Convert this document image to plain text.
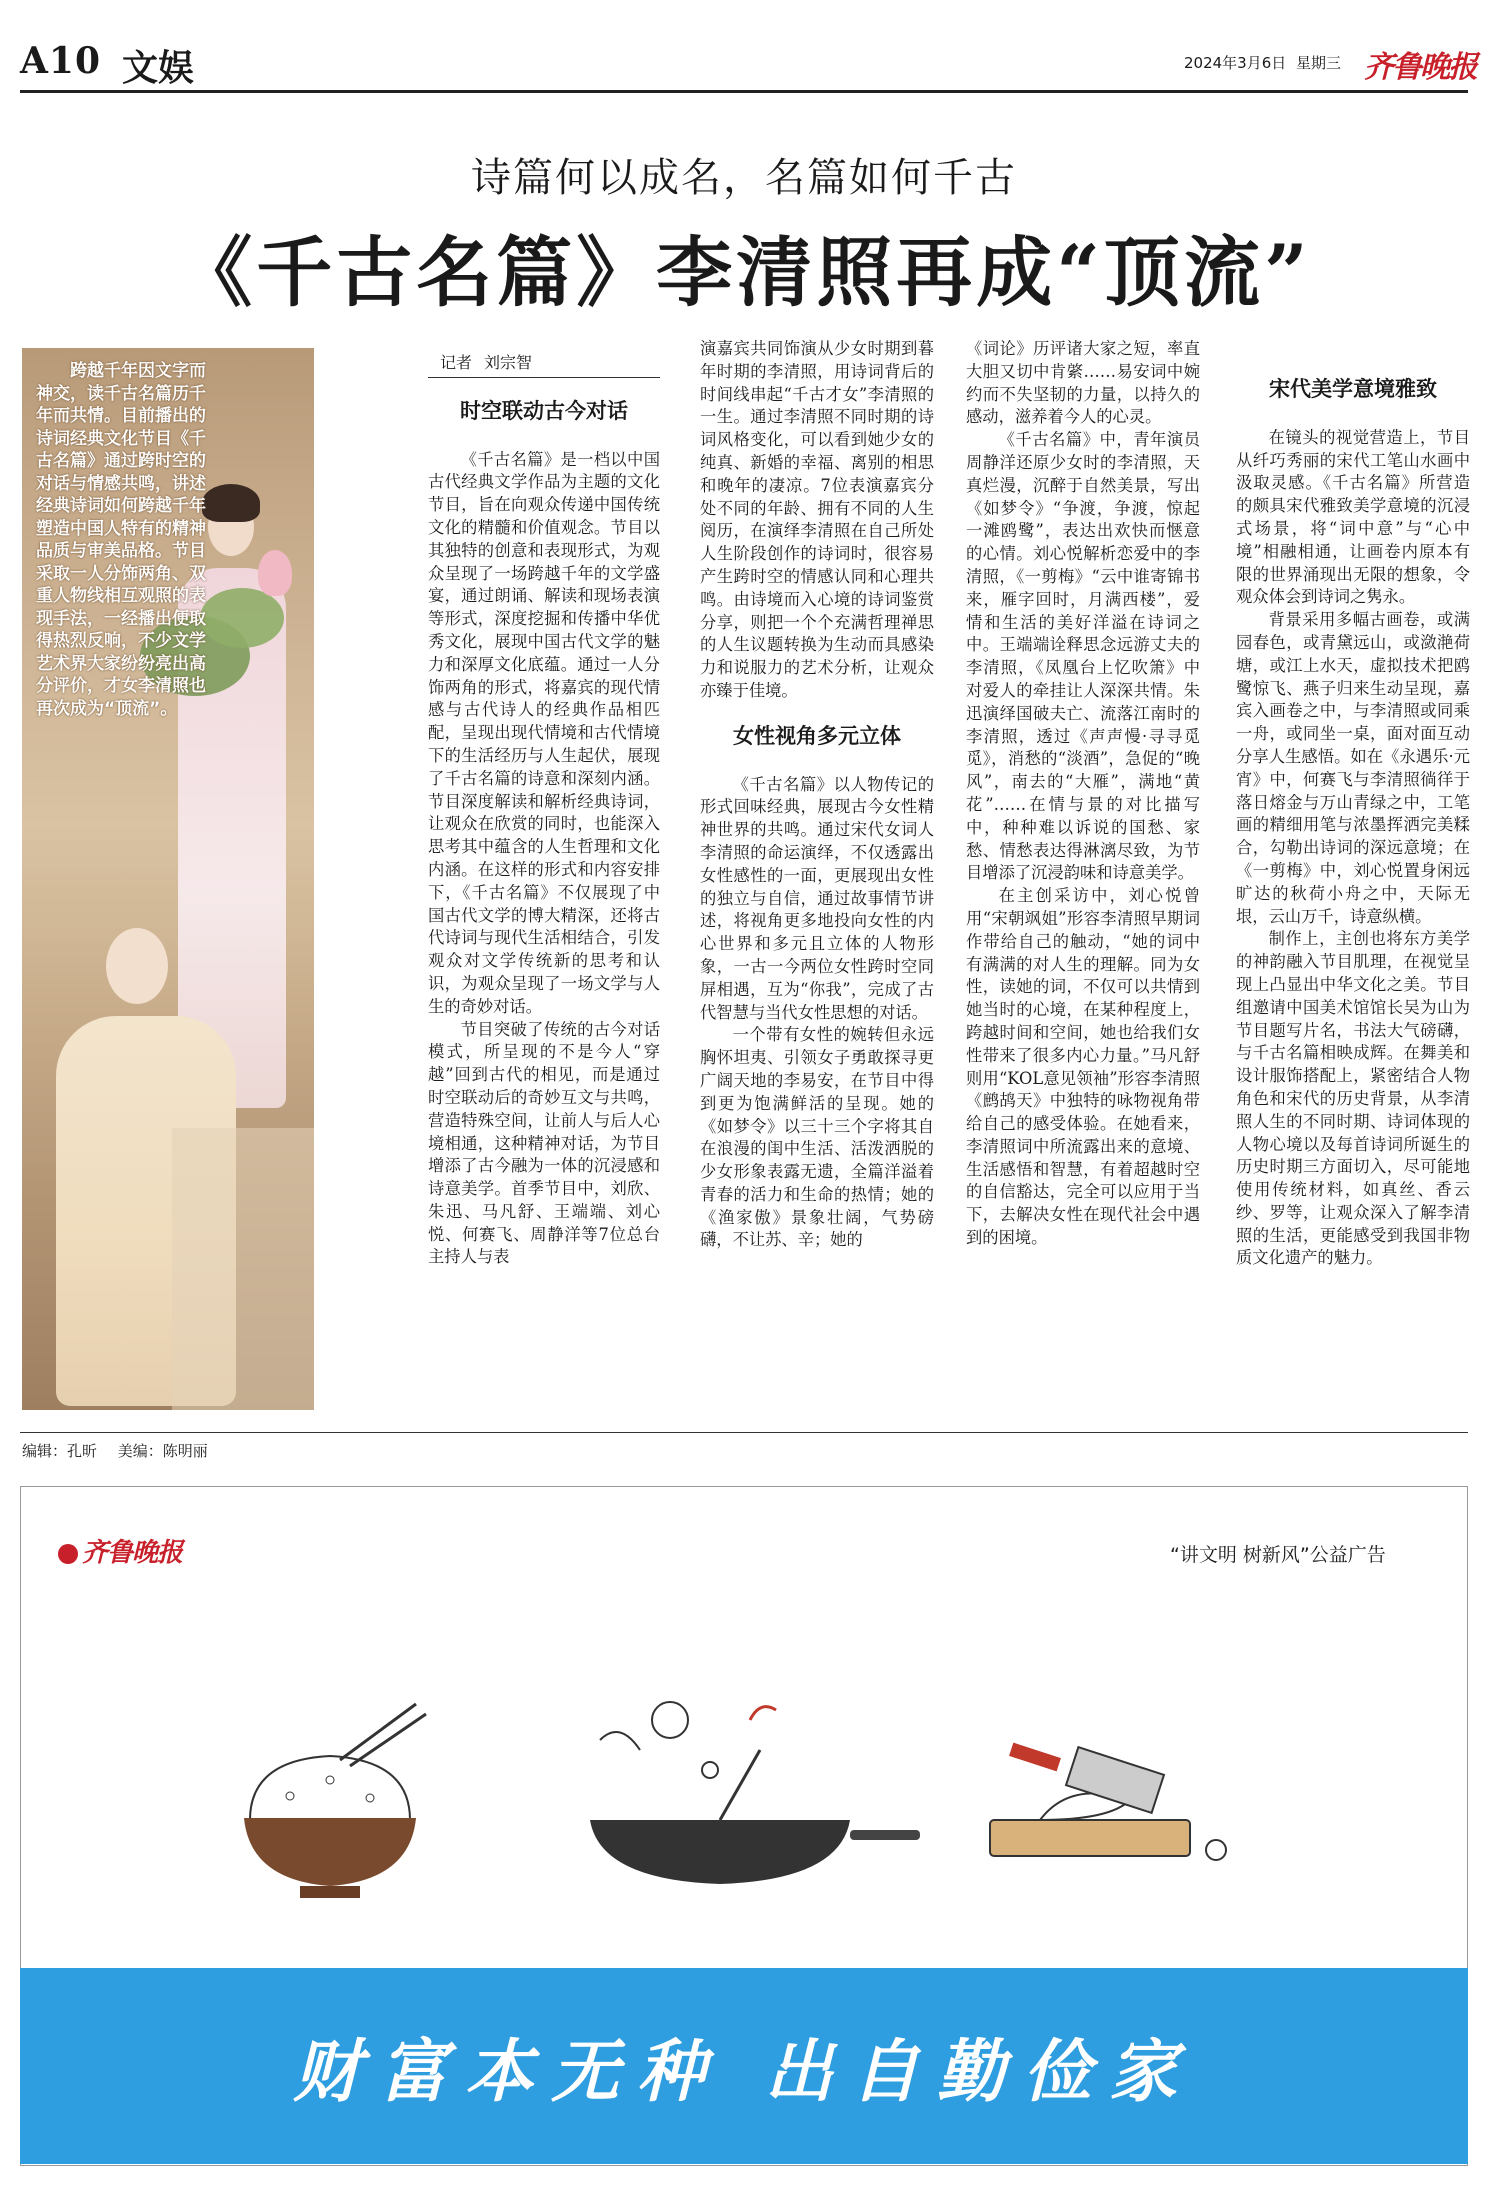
A10 文娱	2024年3月6日 星期三 齐鲁晚报
诗篇何以成名，名篇如何千古
《千古名篇》李清照再成“顶流”

跨越千年因文字而神交，读千古名篇历千年而共情。目前播出的诗词经典文化节目《千古名篇》通过跨时空的对话与情感共鸣，讲述经典诗词如何跨越千年塑造中国人特有的精神品质与审美品格。节目采取一人分饰两角、双重人物线相互观照的表现手法，一经播出便取得热烈反响，不少文学艺术界大家纷纷亮出高分评价，才女李清照也再次成为“顶流”。

记者 刘宗智

时空联动古今对话

《千古名篇》是一档以中国古代经典文学作品为主题的文化节目，旨在向观众传递中国传统文化的精髓和价值观念。节目以其独特的创意和表现形式，为观众呈现了一场跨越千年的文学盛宴，通过朗诵、解读和现场表演等形式，深度挖掘和传播中华优秀文化，展现中国古代文学的魅力和深厚文化底蕴。通过一人分饰两角的形式，将嘉宾的现代情感与古代诗人的经典作品相匹配，呈现出现代情境和古代情境下的生活经历与人生起伏，展现了千古名篇的诗意和深刻内涵。节目深度解读和解析经典诗词，让观众在欣赏的同时，也能深入思考其中蕴含的人生哲理和文化内涵。在这样的形式和内容安排下，《千古名篇》不仅展现了中国古代文学的博大精深，还将古代诗词与现代生活相结合，引发观众对文学传统新的思考和认识，为观众呈现了一场文学与人生的奇妙对话。

节目突破了传统的古今对话模式，所呈现的不是今人“穿越”回到古代的相见，而是通过时空联动后的奇妙互文与共鸣，营造特殊空间，让前人与后人心境相通，这种精神对话，为节目增添了古今融为一体的沉浸感和诗意美学。首季节目中，刘欣、朱迅、马凡舒、王端端、刘心悦、何赛飞、周静洋等7位总台主持人与表

演嘉宾共同饰演从少女时期到暮年时期的李清照，用诗词背后的时间线串起“千古才女”李清照的一生。通过李清照不同时期的诗词风格变化，可以看到她少女的纯真、新婚的幸福、离别的相思和晚年的凄凉。7位表演嘉宾分处不同的年龄、拥有不同的人生阅历，在演绎李清照在自己所处人生阶段创作的诗词时，很容易产生跨时空的情感认同和心理共鸣。由诗境而入心境的诗词鉴赏分享，则把一个个充满哲理禅思的人生议题转换为生动而具感染力和说服力的艺术分析，让观众亦臻于佳境。

女性视角多元立体

《千古名篇》以人物传记的形式回味经典，展现古今女性精神世界的共鸣。通过宋代女词人李清照的命运演绎，不仅透露出女性感性的一面，更展现出女性的独立与自信，通过故事情节讲述，将视角更多地投向女性的内心世界和多元且立体的人物形象，一古一今两位女性跨时空同屏相遇，互为“你我”，完成了古代智慧与当代女性思想的对话。

一个带有女性的婉转但永远胸怀坦夷、引领女子勇敢探寻更广阔天地的李易安，在节目中得到更为饱满鲜活的呈现。她的《如梦令》以三十三个字将其自在浪漫的闺中生活、活泼洒脱的少女形象表露无遗，全篇洋溢着青春的活力和生命的热情；她的《渔家傲》景象壮阔，气势磅礴，不让苏、辛；她的

《词论》历评诸大家之短，率直大胆又切中肯綮……易安词中婉约而不失坚韧的力量，以持久的感动，滋养着今人的心灵。

《千古名篇》中，青年演员周静洋还原少女时的李清照，天真烂漫，沉醉于自然美景，写出《如梦令》“争渡，争渡，惊起一滩鸥鹭”，表达出欢快而惬意的心情。刘心悦解析恋爱中的李清照，《一剪梅》“云中谁寄锦书来，雁字回时，月满西楼”，爱情和生活的美好洋溢在诗词之中。王端端诠释思念远游丈夫的李清照，《凤凰台上忆吹箫》中对爱人的牵挂让人深深共情。朱迅演绎国破夫亡、流落江南时的李清照，透过《声声慢·寻寻觅觅》，消愁的“淡酒”，急促的“晚风”，南去的“大雁”，满地“黄花”……在情与景的对比描写中，种种难以诉说的国愁、家愁、情愁表达得淋漓尽致，为节目增添了沉浸韵味和诗意美学。

在主创采访中，刘心悦曾用“宋朝飒姐”形容李清照早期词作带给自己的触动，“她的词中有满满的对人生的理解。同为女性，读她的词，不仅可以共情到她当时的心境，在某种程度上，跨越时间和空间，她也给我们女性带来了很多内心力量。”马凡舒则用“KOL意见领袖”形容李清照《鹧鸪天》中独特的咏物视角带给自己的感受体验。在她看来，李清照词中所流露出来的意境、生活感悟和智慧，有着超越时空的自信豁达，完全可以应用于当下，去解决女性在现代社会中遇到的困境。

宋代美学意境雅致

在镜头的视觉营造上，节目从纤巧秀丽的宋代工笔山水画中汲取灵感。《千古名篇》所营造的颇具宋代雅致美学意境的沉浸式场景，将“词中意”与“心中境”相融相通，让画卷内原本有限的世界涌现出无限的想象，令观众体会到诗词之隽永。

背景采用多幅古画卷，或满园春色，或青黛远山，或潋滟荷塘，或江上水天，虚拟技术把鸥鹭惊飞、燕子归来生动呈现，嘉宾入画卷之中，与李清照或同乘一舟，或同坐一桌，面对面互动分享人生感悟。如在《永遇乐·元宵》中，何赛飞与李清照徜徉于落日熔金与万山青绿之中，工笔画的精细用笔与浓墨挥洒完美糅合，勾勒出诗词的深远意境；在《一剪梅》中，刘心悦置身闲远旷达的秋荷小舟之中，天际无垠，云山万千，诗意纵横。

制作上，主创也将东方美学的神韵融入节目肌理，在视觉呈现上凸显出中华文化之美。节目组邀请中国美术馆馆长吴为山为节目题写片名，书法大气磅礴，与千古名篇相映成辉。在舞美和设计服饰搭配上，紧密结合人物角色和宋代的历史背景，从李清照人生的不同时期、诗词体现的人物心境以及每首诗词所诞生的历史时期三方面切入，尽可能地使用传统材料，如真丝、香云纱、罗等，让观众深入了解李清照的生活，更能感受到我国非物质文化遗产的魅力。

编辑：孔昕 美编：陈明丽
齐鲁晚报	“讲文明 树新风”公益广告
财富本无种 出自勤俭家
